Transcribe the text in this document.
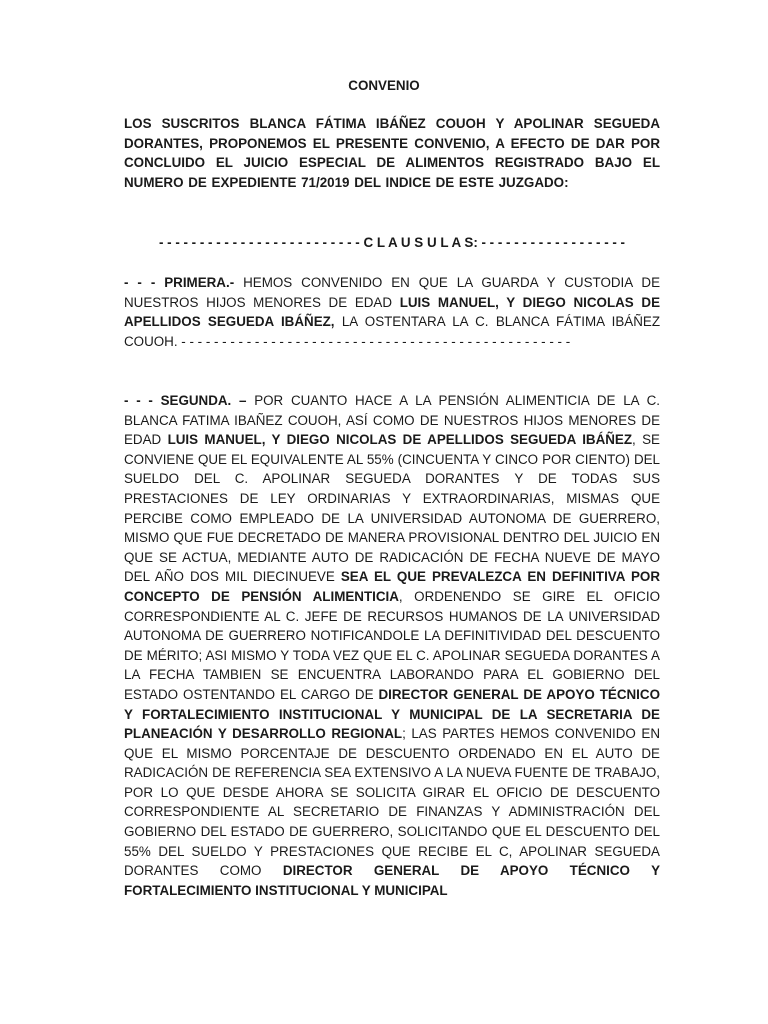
CONVENIO
LOS SUSCRITOS BLANCA FÁTIMA IBÁÑEZ COUOH Y APOLINAR SEGUEDA DORANTES, PROPONEMOS EL PRESENTE CONVENIO, A EFECTO DE DAR POR CONCLUIDO EL JUICIO ESPECIAL DE ALIMENTOS REGISTRADO BAJO EL NUMERO DE EXPEDIENTE 71/2019 DEL INDICE DE ESTE JUZGADO:
- - - - - - - - - - - - - - - - - - - - - - - - - C L A U S U L A S: - - - - - - - - - - - - - - - - - -
- - - PRIMERA.- HEMOS CONVENIDO EN QUE LA GUARDA Y CUSTODIA DE NUESTROS HIJOS MENORES DE EDAD LUIS MANUEL, Y DIEGO NICOLAS DE APELLIDOS SEGUEDA IBÁÑEZ, LA OSTENTARA LA C. BLANCA FÁTIMA IBÁÑEZ COUOH. - - - - - - - - - - - - - - - - - - - - - - - - - - - - - - - - - - - - - - - - - - - - - - - -
- - - SEGUNDA. – POR CUANTO HACE A LA PENSIÓN ALIMENTICIA DE LA C. BLANCA FATIMA IBAÑEZ COUOH, ASÍ COMO DE NUESTROS HIJOS MENORES DE EDAD LUIS MANUEL, Y DIEGO NICOLAS DE APELLIDOS SEGUEDA IBÁÑEZ, SE CONVIENE QUE EL EQUIVALENTE AL 55% (CINCUENTA Y CINCO POR CIENTO) DEL SUELDO DEL C. APOLINAR SEGUEDA DORANTES Y DE TODAS SUS PRESTACIONES DE LEY ORDINARIAS Y EXTRAORDINARIAS, MISMAS QUE PERCIBE COMO EMPLEADO DE LA UNIVERSIDAD AUTONOMA DE GUERRERO, MISMO QUE FUE DECRETADO DE MANERA PROVISIONAL DENTRO DEL JUICIO EN QUE SE ACTUA, MEDIANTE AUTO DE RADICACIÓN DE FECHA NUEVE DE MAYO DEL AÑO DOS MIL DIECINUEVE SEA EL QUE PREVALEZCA EN DEFINITIVA POR CONCEPTO DE PENSIÓN ALIMENTICIA, ORDENENDO SE GIRE EL OFICIO CORRESPONDIENTE AL C. JEFE DE RECURSOS HUMANOS DE LA UNIVERSIDAD AUTONOMA DE GUERRERO NOTIFICANDOLE LA DEFINITIVIDAD DEL DESCUENTO DE MÉRITO; ASI MISMO Y TODA VEZ QUE EL C. APOLINAR SEGUEDA DORANTES A LA FECHA TAMBIEN SE ENCUENTRA LABORANDO PARA EL GOBIERNO DEL ESTADO OSTENTANDO EL CARGO DE DIRECTOR GENERAL DE APOYO TÉCNICO Y FORTALECIMIENTO INSTITUCIONAL Y MUNICIPAL DE LA SECRETARIA DE PLANEACIÓN Y DESARROLLO REGIONAL; LAS PARTES HEMOS CONVENIDO EN QUE EL MISMO PORCENTAJE DE DESCUENTO ORDENADO EN EL AUTO DE RADICACIÓN DE REFERENCIA SEA EXTENSIVO A LA NUEVA FUENTE DE TRABAJO, POR LO QUE DESDE AHORA SE SOLICITA GIRAR EL OFICIO DE DESCUENTO CORRESPONDIENTE AL SECRETARIO DE FINANZAS Y ADMINISTRACIÓN DEL GOBIERNO DEL ESTADO DE GUERRERO, SOLICITANDO QUE EL DESCUENTO DEL 55% DEL SUELDO Y PRESTACIONES QUE RECIBE EL C, APOLINAR SEGUEDA DORANTES COMO DIRECTOR GENERAL DE APOYO TÉCNICO Y FORTALECIMIENTO INSTITUCIONAL Y MUNICIPAL
